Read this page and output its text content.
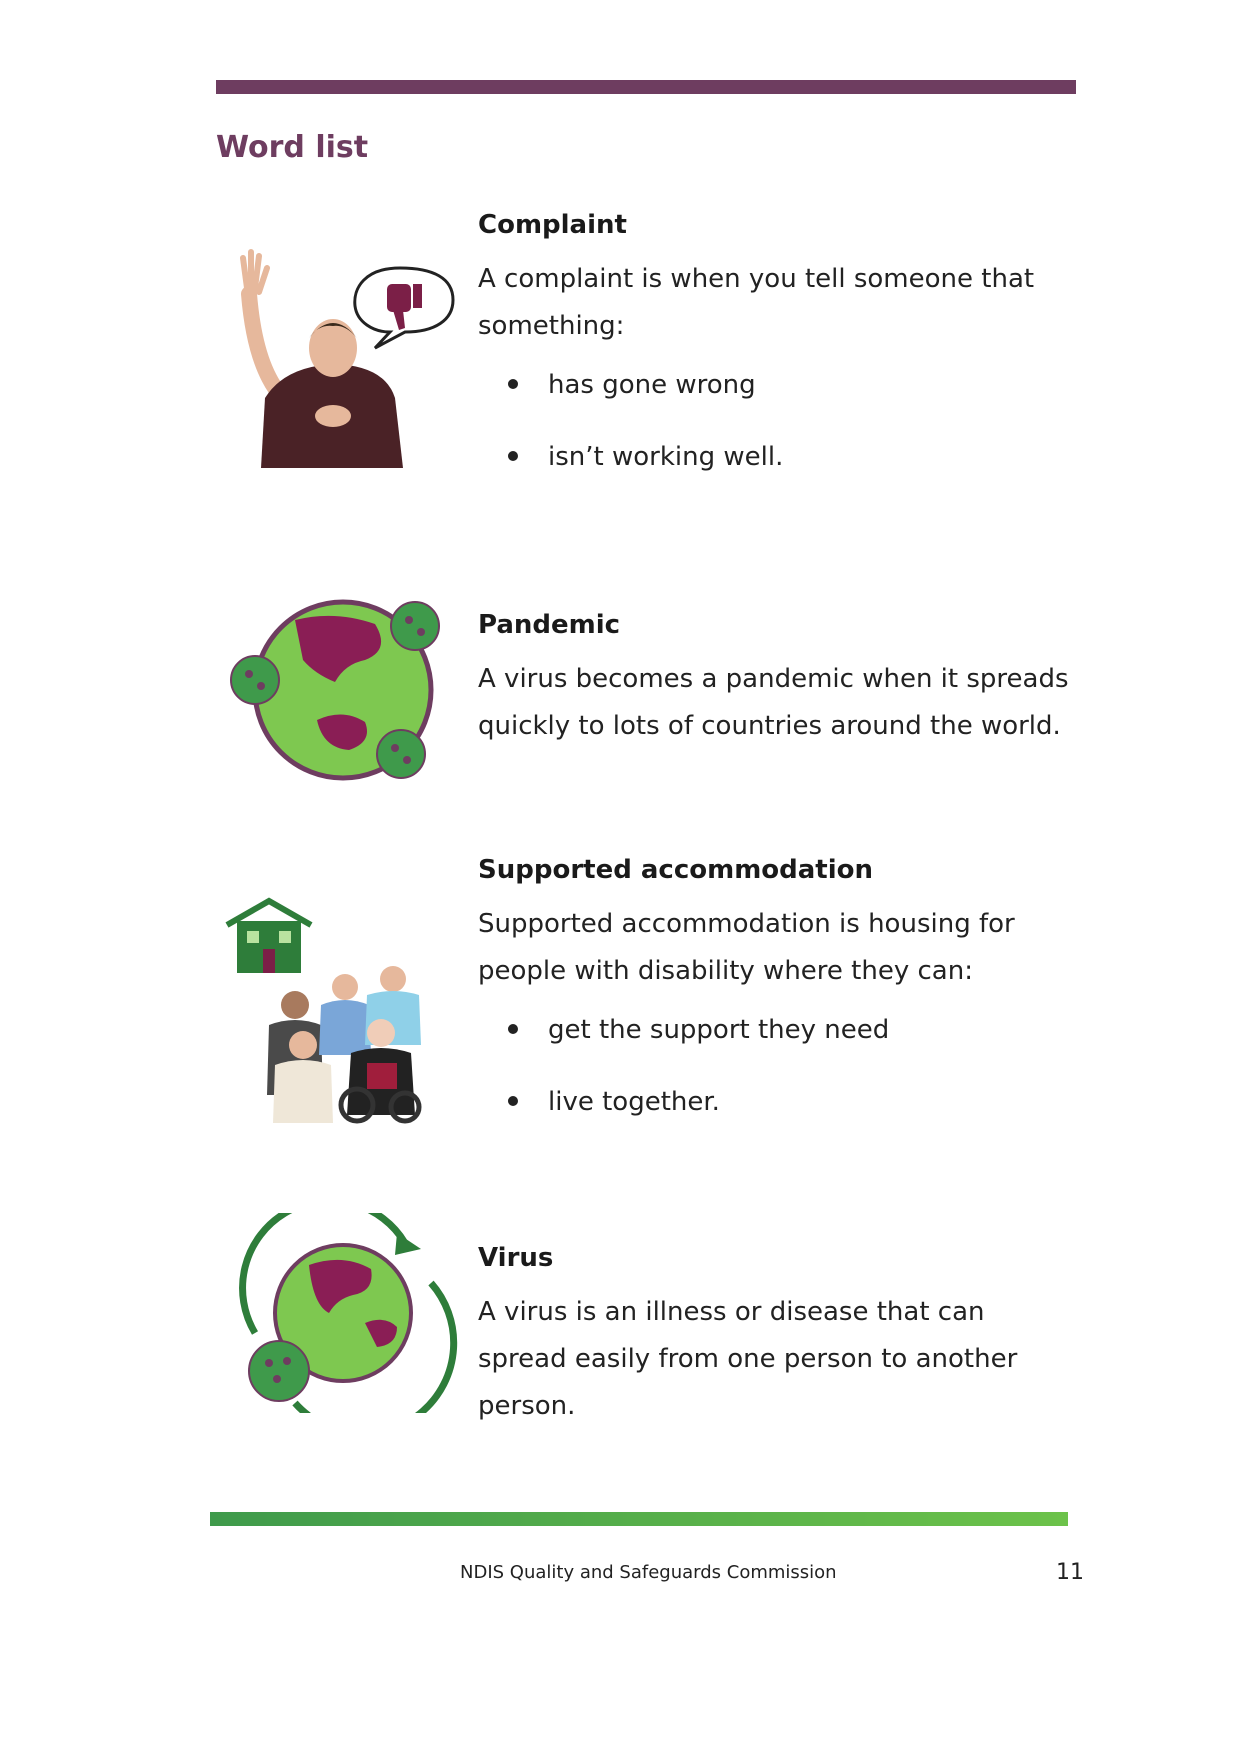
Word list
Complaint

A complaint is when you tell someone that something:

has gone wrong
isn’t working well.
Pandemic

A virus becomes a pandemic when it spreads quickly to lots of countries around the world.

Supported accommodation

Supported accommodation is housing for people with disability where they can:

get the support they need
live together.
Virus

A virus is an illness or disease that can spread easily from one person to another person.

NDIS Quality and Safeguards Commission	11
